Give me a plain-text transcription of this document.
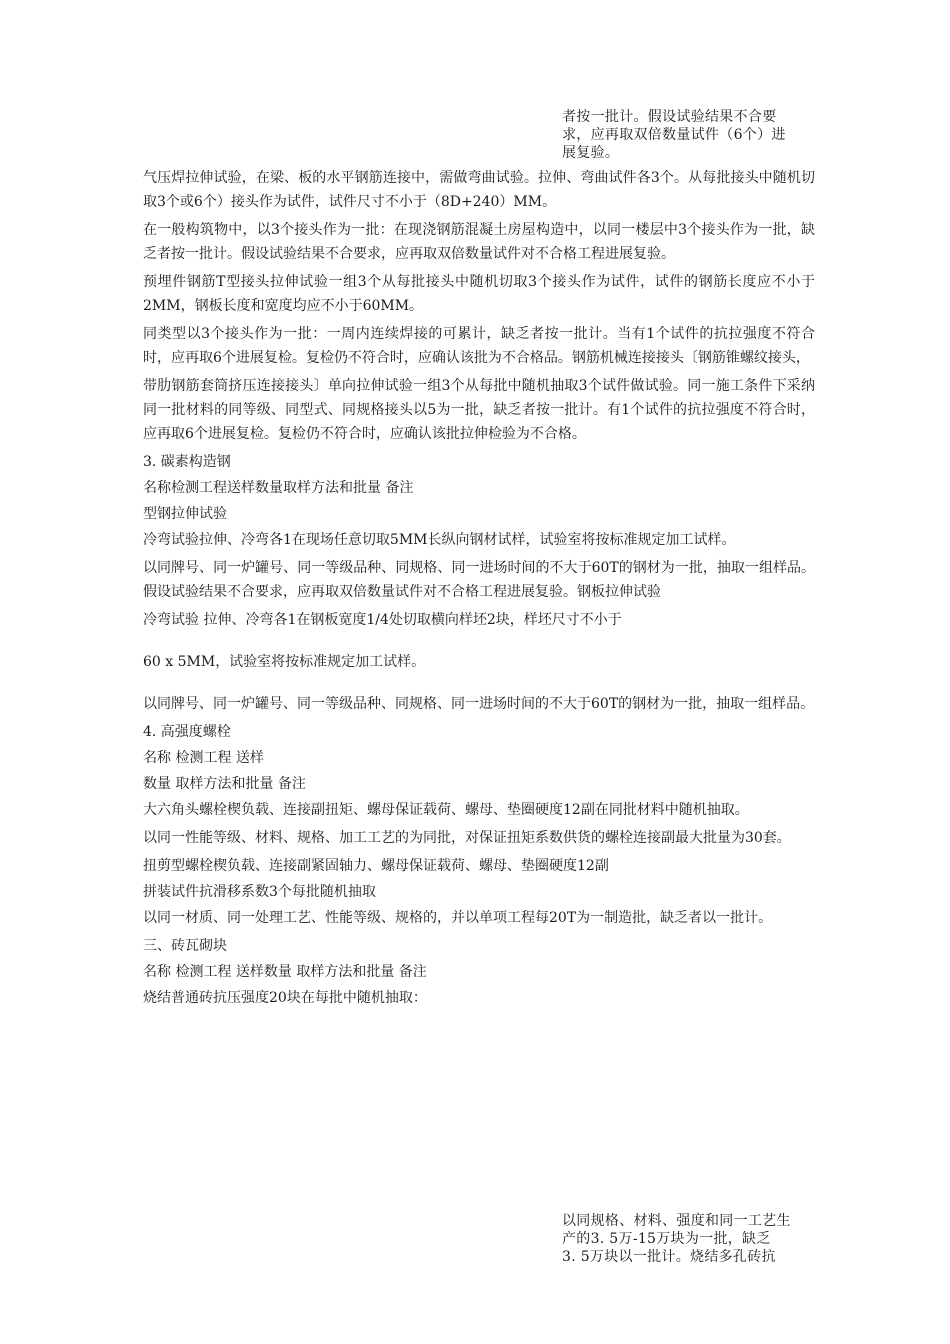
者按一批计。假设试验结果不合要
求，应再取双倍数量试件（6个）进
展复验。

气压焊拉伸试验，在梁、板的水平钢筋连接中，需做弯曲试验。拉伸、弯曲试件各3个。从每批接头中随机切取3个或6个）接头作为试件，试件尺寸不小于（8D+240）MM。

在一般构筑物中，以3个接头作为一批：在现浇钢筋混凝土房屋构造中，以同一楼层中3个接头作为一批，缺乏者按一批计。假设试验结果不合要求，应再取双倍数量试件对不合格工程进展复验。

预埋件钢筋T型接头拉伸试验一组3个从每批接头中随机切取3个接头作为试件，试件的钢筋长度应不小于2MM，钢板长度和宽度均应不小于60MM。

同类型以3个接头作为一批：一周内连续焊接的可累计，缺乏者按一批计。当有1个试件的抗拉强度不符合时，应再取6个进展复检。复检仍不符合时，应确认该批为不合格品。钢筋机械连接接头〔钢筋锥螺纹接头，

带肋钢筋套筒挤压连接接头〕单向拉伸试验一组3个从每批中随机抽取3个试件做试验。同一施工条件下采纳同一批材料的同等级、同型式、同规格接头以5为一批，缺乏者按一批计。有1个试件的抗拉强度不符合时，应再取6个进展复检。复检仍不符合时，应确认该批拉伸检验为不合格。

3. 碳素构造钢

名称检测工程送样数量取样方法和批量 备注

型钢拉伸试验

冷弯试验拉伸、冷弯各1在现场任意切取5MM长纵向钢材试样，试验室将按标准规定加工试样。

以同牌号、同一炉罐号、同一等级品种、同规格、同一进场时间的不大于60T的钢材为一批，抽取一组样品。假设试验结果不合要求，应再取双倍数量试件对不合格工程进展复验。钢板拉伸试验

冷弯试验 拉伸、冷弯各1在钢板宽度1/4处切取横向样坯2块，样坯尺寸不小于

60 x 5MM，试验室将按标准规定加工试样。

以同牌号、同一炉罐号、同一等级品种、同规格、同一进场时间的不大于60T的钢材为一批，抽取一组样品。

4. 高强度螺栓

名称 检测工程 送样

数量 取样方法和批量 备注

大六角头螺栓楔负载、连接副扭矩、螺母保证载荷、螺母、垫圈硬度12副在同批材料中随机抽取。

以同一性能等级、材料、规格、加工工艺的为同批，对保证扭矩系数供货的螺栓连接副最大批量为30套。

扭剪型螺栓楔负载、连接副紧固轴力、螺母保证载荷、螺母、垫圈硬度12副

拼装试件抗滑移系数3个每批随机抽取

以同一材质、同一处理工艺、性能等级、规格的，并以单项工程每20T为一制造批，缺乏者以一批计。

三、砖瓦砌块

名称 检测工程 送样数量 取样方法和批量 备注

烧结普通砖抗压强度20块在每批中随机抽取：

以同规格、材料、强度和同一工艺生
产的3. 5万-15万块为一批，缺乏
3. 5万块以一批计。烧结多孔砖抗
